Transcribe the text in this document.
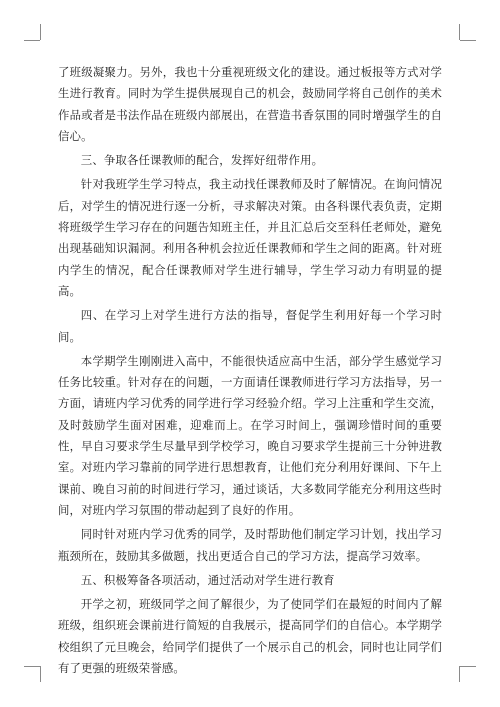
了班级凝聚力。另外，我也十分重视班级文化的建设。通过板报等方式对学生进行教育。同时为学生提供展现自己的机会，鼓励同学将自己创作的美术作品或者是书法作品在班级内部展出，在营造书香氛围的同时增强学生的自信心。

三、争取各任课教师的配合，发挥好纽带作用。

针对我班学生学习特点，我主动找任课教师及时了解情况。在询问情况后，对学生的情况进行逐一分析，寻求解决对策。由各科课代表负责，定期将班级学生学习存在的问题告知班主任，并且汇总后交至科任老师处，避免出现基础知识漏洞。利用各种机会拉近任课教师和学生之间的距离。针对班内学生的情况，配合任课教师对学生进行辅导，学生学习动力有明显的提高。

四、在学习上对学生进行方法的指导，督促学生利用好每一个学习时间。

本学期学生刚刚进入高中，不能很快适应高中生活，部分学生感觉学习任务比较重。针对存在的问题，一方面请任课教师进行学习方法指导，另一方面，请班内学习优秀的同学进行学习经验介绍。学习上注重和学生交流，及时鼓励学生面对困难，迎难而上。在学习时间上，强调珍惜时间的重要性，早自习要求学生尽量早到学校学习，晚自习要求学生提前三十分钟进教室。对班内学习靠前的同学进行思想教育，让他们充分利用好课间、下午上课前、晚自习前的时间进行学习，通过谈话，大多数同学能充分利用这些时间，对班内学习氛围的带动起到了良好的作用。

同时针对班内学习优秀的同学，及时帮助他们制定学习计划，找出学习瓶颈所在，鼓励其多做题，找出更适合自己的学习方法，提高学习效率。

五、积极筹备各项活动，通过活动对学生进行教育

开学之初，班级同学之间了解很少，为了使同学们在最短的时间内了解班级，组织班会课前进行简短的自我展示，提高同学们的自信心。本学期学校组织了元旦晚会，给同学们提供了一个展示自己的机会，同时也让同学们有了更强的班级荣誉感。
